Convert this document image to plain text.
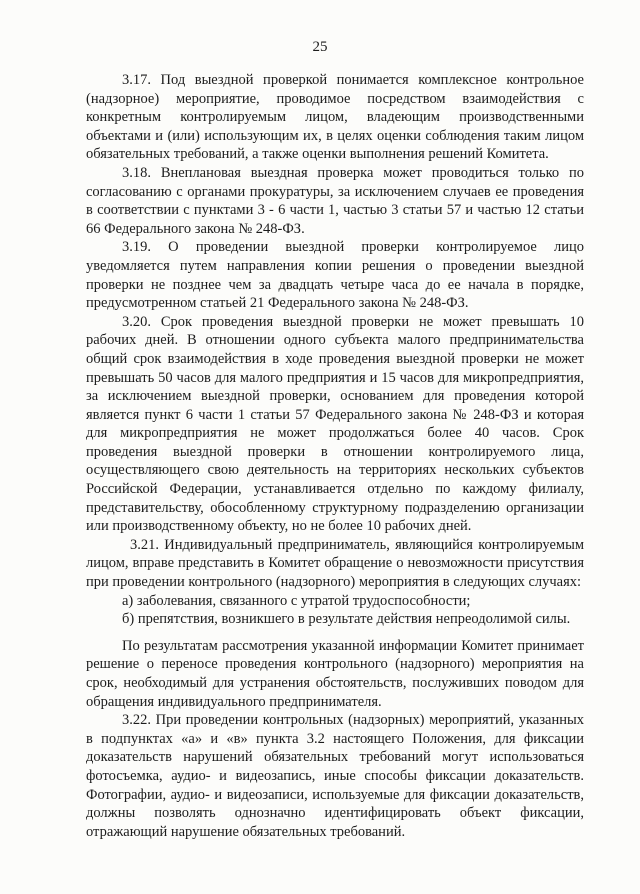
25

3.17. Под выездной проверкой понимается комплексное контрольное (надзорное) мероприятие, проводимое посредством взаимодействия с конкретным контролируемым лицом, владеющим производственными объектами и (или) использующим их, в целях оценки соблюдения таким лицом обязательных требований, а также оценки выполнения решений Комитета.

3.18. Внеплановая выездная проверка может проводиться только по согласованию с органами прокуратуры, за исключением случаев ее проведения в соответствии с пунктами 3 - 6 части 1, частью 3 статьи 57 и частью 12 статьи 66 Федерального закона № 248-ФЗ.

3.19. О проведении выездной проверки контролируемое лицо уведомляется путем направления копии решения о проведении выездной проверки не позднее чем за двадцать четыре часа до ее начала в порядке, предусмотренном статьей 21 Федерального закона № 248-ФЗ.

3.20. Срок проведения выездной проверки не может превышать 10 рабочих дней. В отношении одного субъекта малого предпринимательства общий срок взаимодействия в ходе проведения выездной проверки не может превышать 50 часов для малого предприятия и 15 часов для микропредприятия, за исключением выездной проверки, основанием для проведения которой является пункт 6 части 1 статьи 57 Федерального закона № 248-ФЗ и которая для микропредприятия не может продолжаться более 40 часов. Срок проведения выездной проверки в отношении контролируемого лица, осуществляющего свою деятельность на территориях нескольких субъектов Российской Федерации, устанавливается отдельно по каждому филиалу, представительству, обособленному структурному подразделению организации или производственному объекту, но не более 10 рабочих дней.

3.21. Индивидуальный предприниматель, являющийся контролируемым лицом, вправе представить в Комитет обращение о невозможности присутствия при проведении контрольного (надзорного) мероприятия в следующих случаях:

а) заболевания, связанного с утратой трудоспособности;

б) препятствия, возникшего в результате действия непреодолимой силы.

По результатам рассмотрения указанной информации Комитет принимает решение о переносе проведения контрольного (надзорного) мероприятия на срок, необходимый для устранения обстоятельств, послуживших поводом для обращения индивидуального предпринимателя.

3.22. При проведении контрольных (надзорных) мероприятий, указанных в подпунктах «а» и «в» пункта 3.2 настоящего Положения, для фиксации доказательств нарушений обязательных требований могут использоваться фотосъемка, аудио- и видеозапись, иные способы фиксации доказательств. Фотографии, аудио- и видеозаписи, используемые для фиксации доказательств, должны позволять однозначно идентифицировать объект фиксации, отражающий нарушение обязательных требований.
